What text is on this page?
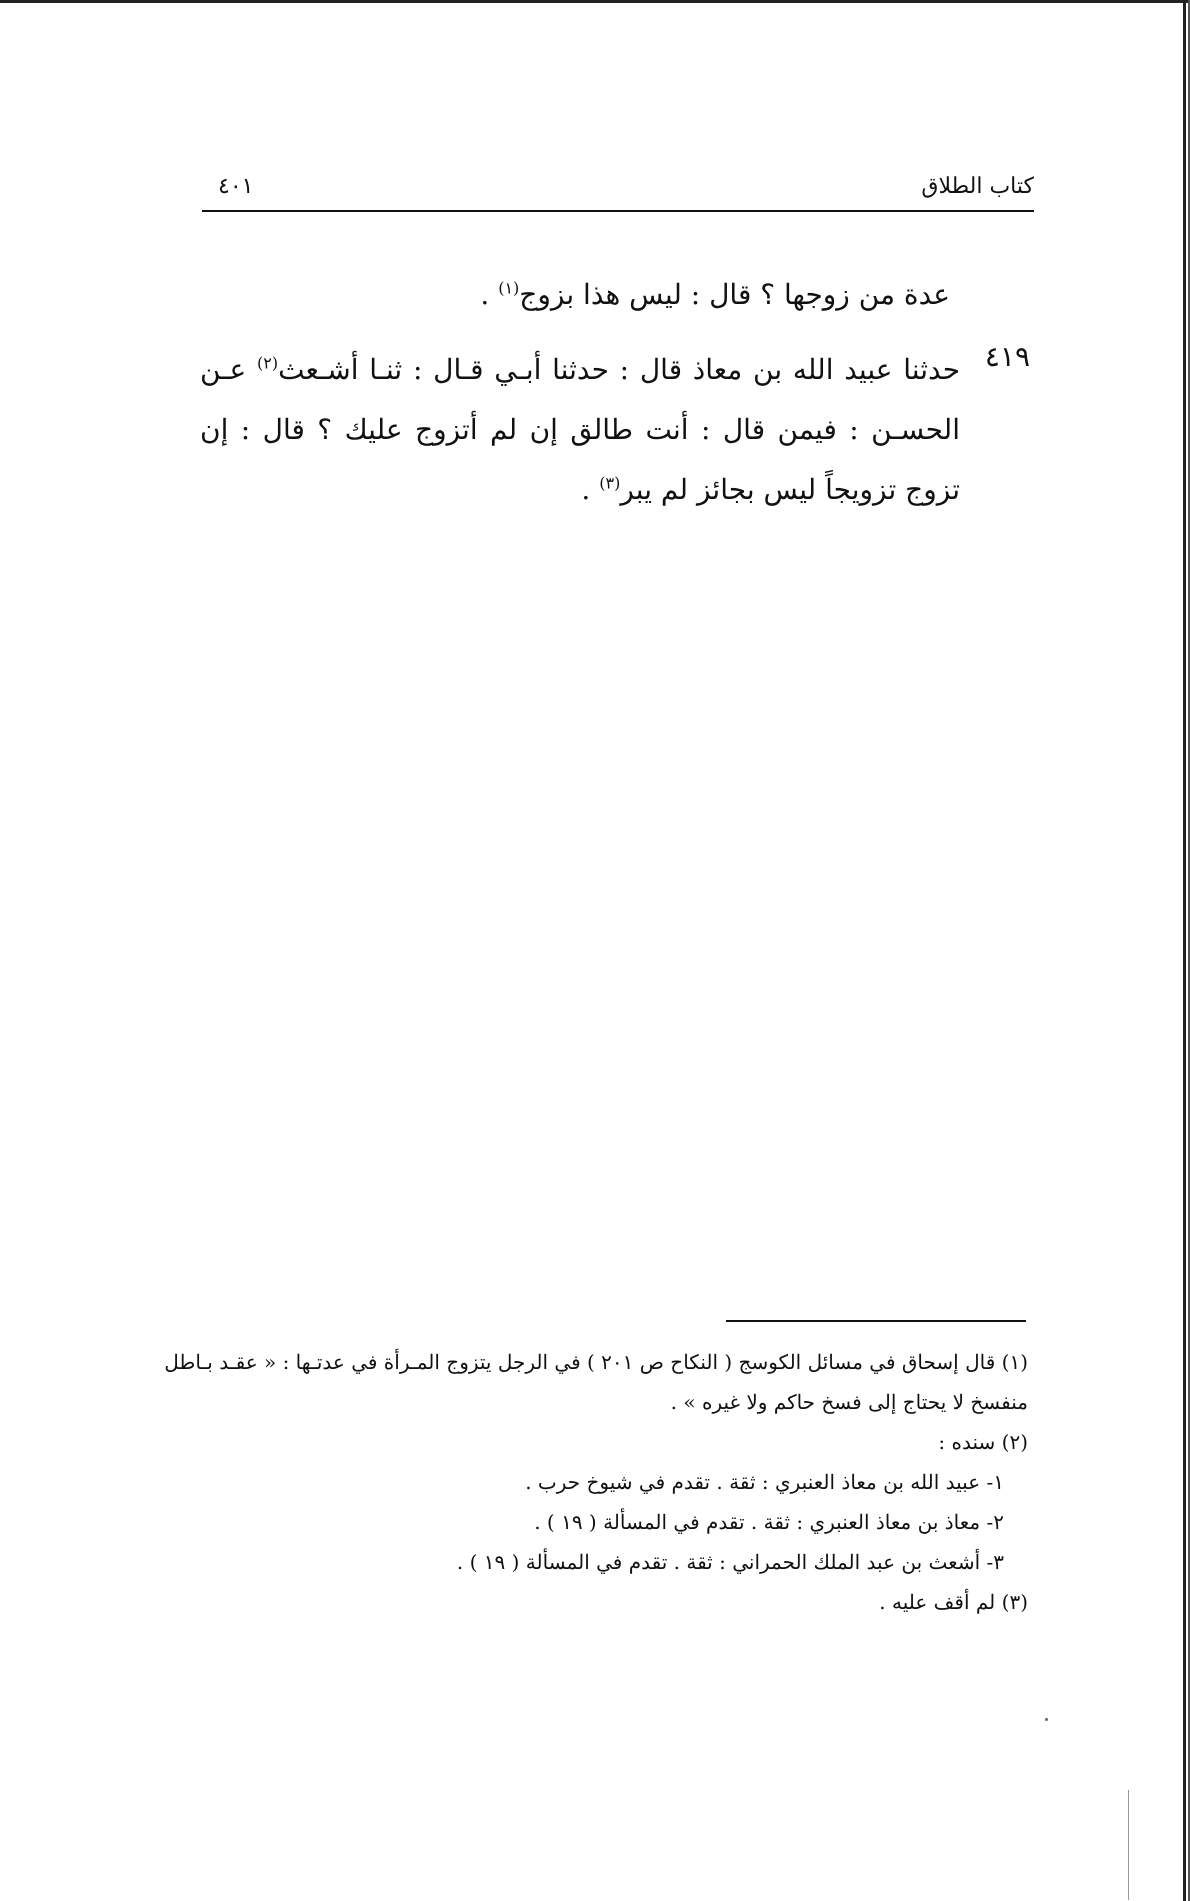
كتاب الطلاق
٤٠١
عدة من زوجها ؟ قال : ليس هذا بزوج$^{(١)}$ .
٤١٩
حدثنا عبيد الله بن معاذ قال : حدثنا أبـي قـال : ثنـا أشـعث$^{(٢)}$ عـن الحسـن : فيمن قال : أنت طالق إن لم أتزوج عليك ؟ قال : إن تزوج تزويجاً ليس بجائز لم يبر$^{(٣)}$ .
(١) قال إسحاق في مسائل الكوسج ( النكاح ص ٢٠١ ) في الرجل يتزوج المـرأة في عدتـها : « عقـد بـاطل
منفسخ لا يحتاج إلى فسخ حاكم ولا غيره » .
(٢) سنده :
١- عبيد الله بن معاذ العنبري : ثقة . تقدم في شيوخ حرب .
٢- معاذ بن معاذ العنبري : ثقة . تقدم في المسألة ( ١٩ ) .
٣- أشعث بن عبد الملك الحمراني : ثقة . تقدم في المسألة ( ١٩ ) .
(٣) لم أقف عليه .
